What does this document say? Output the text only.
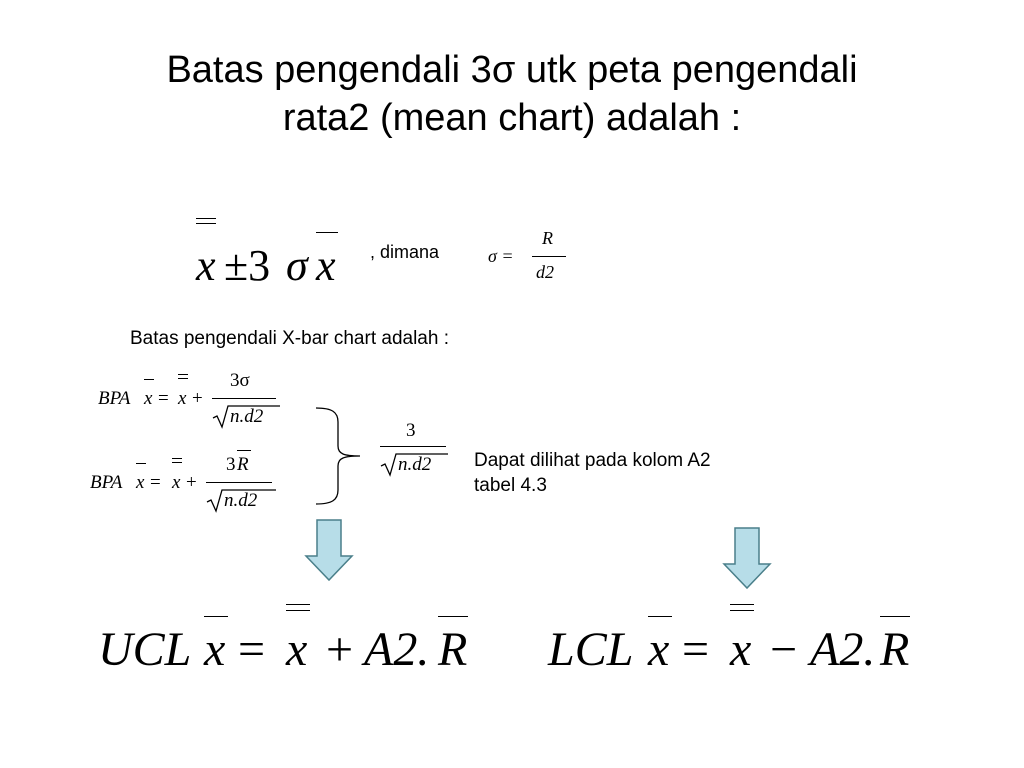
Batas pengendali 3σ utk peta pengendali
rata2 (mean chart) adalah :
x ±3 σ x , dimana	σ =
R
d2
Batas pengendali X-bar chart adalah :
BPA x = x +
3σ
n.d2
BPA x = x +
3 R
n.d2
3
n.d2 Dapat dilihat pada kolom A2
tabel 4.3
UCL x = x + A2. R LCL x = x − A2. R
